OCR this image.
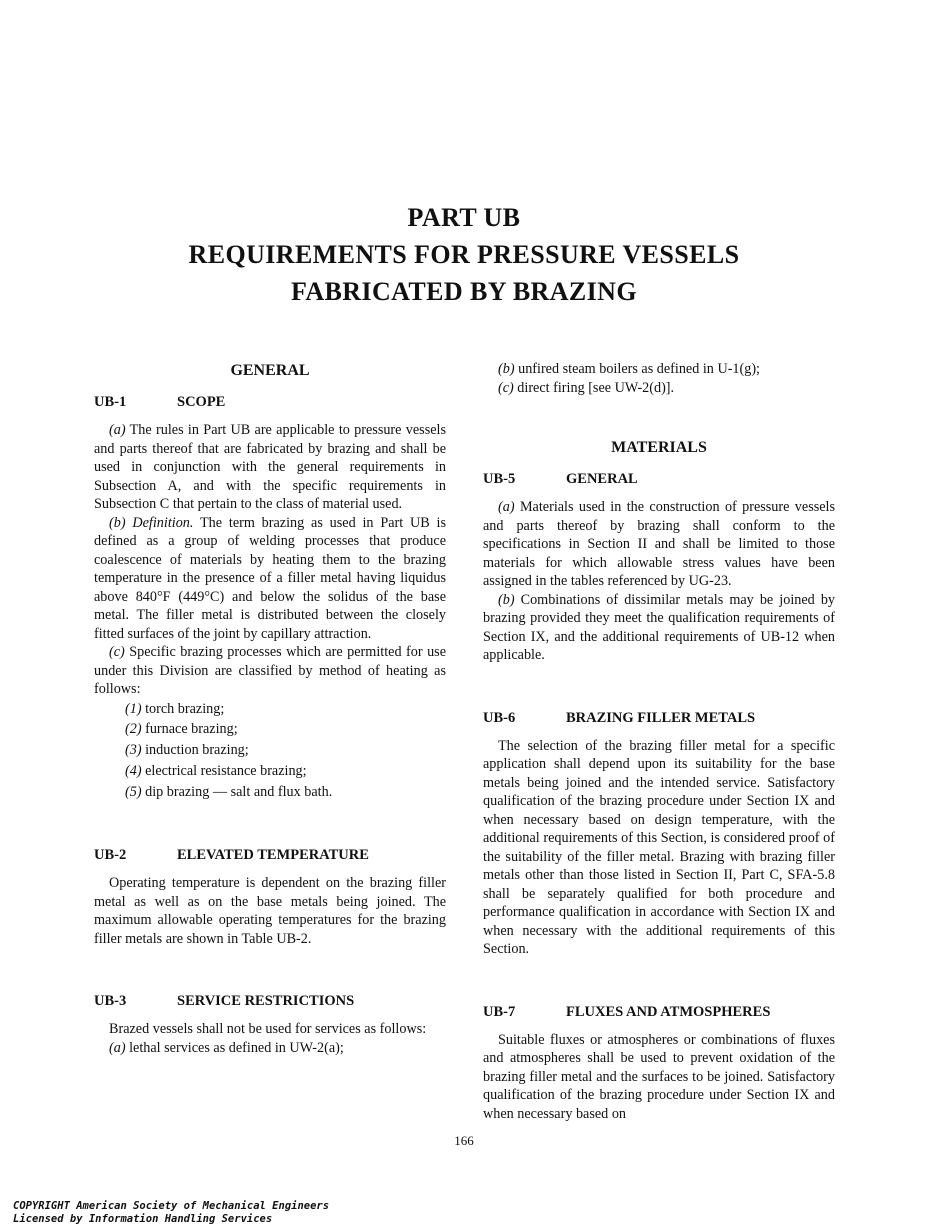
PART UB
REQUIREMENTS FOR PRESSURE VESSELS
FABRICATED BY BRAZING
GENERAL
UB-1	SCOPE

(a) The rules in Part UB are applicable to pressure vessels and parts thereof that are fabricated by brazing and shall be used in conjunction with the general requirements in Subsection A, and with the specific requirements in Subsection C that pertain to the class of material used.

(b) Definition. The term brazing as used in Part UB is defined as a group of welding processes that produce coalescence of materials by heating them to the brazing temperature in the presence of a filler metal having liquidus above 840°F (449°C) and below the solidus of the base metal. The filler metal is distributed between the closely fitted surfaces of the joint by capillary attraction.

(c) Specific brazing processes which are permitted for use under this Division are classified by method of heating as follows:

(1) torch brazing;
(2) furnace brazing;
(3) induction brazing;
(4) electrical resistance brazing;
(5) dip brazing — salt and flux bath.
UB-2	ELEVATED TEMPERATURE

Operating temperature is dependent on the brazing filler metal as well as on the base metals being joined. The maximum allowable operating temperatures for the brazing filler metals are shown in Table UB-2.

UB-3	SERVICE RESTRICTIONS

Brazed vessels shall not be used for services as follows:

(a) lethal services as defined in UW-2(a);

(b) unfired steam boilers as defined in U-1(g);

(c) direct firing [see UW-2(d)].

MATERIALS
UB-5	GENERAL

(a) Materials used in the construction of pressure vessels and parts thereof by brazing shall conform to the specifications in Section II and shall be limited to those materials for which allowable stress values have been assigned in the tables referenced by UG-23.

(b) Combinations of dissimilar metals may be joined by brazing provided they meet the qualification requirements of Section IX, and the additional requirements of UB-12 when applicable.

UB-6	BRAZING FILLER METALS

The selection of the brazing filler metal for a specific application shall depend upon its suitability for the base metals being joined and the intended service. Satisfactory qualification of the brazing procedure under Section IX and when necessary based on design temperature, with the additional requirements of this Section, is considered proof of the suitability of the filler metal. Brazing with brazing filler metals other than those listed in Section II, Part C, SFA-5.8 shall be separately qualified for both procedure and performance qualification in accordance with Section IX and when necessary with the additional requirements of this Section.

UB-7	FLUXES AND ATMOSPHERES

Suitable fluxes or atmospheres or combinations of fluxes and atmospheres shall be used to prevent oxidation of the brazing filler metal and the surfaces to be joined. Satisfactory qualification of the brazing procedure under Section IX and when necessary based on

166
COPYRIGHT American Society of Mechanical Engineers
Licensed by Information Handling Services
